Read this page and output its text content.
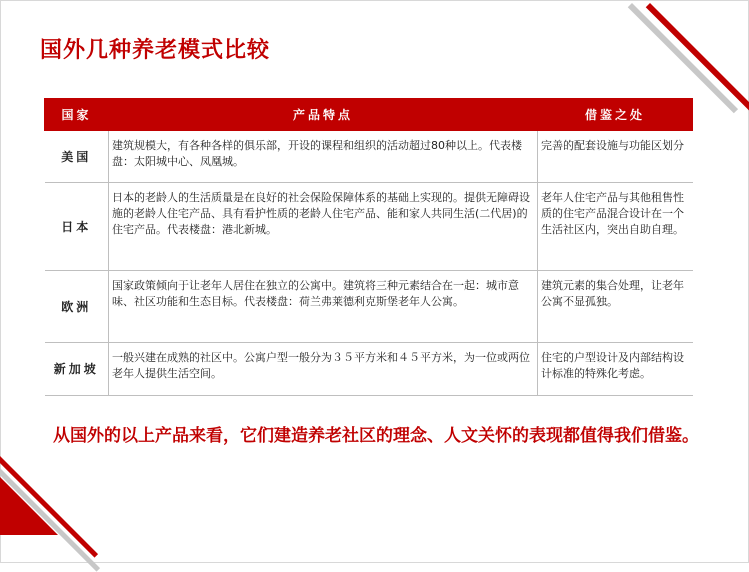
国外几种养老模式比较
国家	产品特点	借鉴之处
美国	建筑规模大，有各种各样的俱乐部，开设的课程和组织的活动超过80种以上。代表楼盘：太阳城中心、凤凰城。	完善的配套设施与功能区划分
日本	日本的老龄人的生活质量是在良好的社会保险保障体系的基础上实现的。提供无障碍设施的老龄人住宅产品、具有看护性质的老龄人住宅产品、能和家人共同生活(二代居)的住宅产品。代表楼盘：港北新城。	老年人住宅产品与其他租售性质的住宅产品混合设计在一个生活社区内，突出自助自理。
欧洲	国家政策倾向于让老年人居住在独立的公寓中。建筑将三种元素结合在一起：城市意味、社区功能和生态目标。代表楼盘：荷兰弗莱德利克斯堡老年人公寓。	建筑元素的集合处理，让老年公寓不显孤独。
新加坡	一般兴建在成熟的社区中。公寓户型一般分为３５平方米和４５平方米，为一位或两位老年人提供生活空间。	住宅的户型设计及内部结构设计标准的特殊化考虑。
从国外的以上产品来看，它们建造养老社区的理念、人文关怀的表现都值得我们借鉴。
